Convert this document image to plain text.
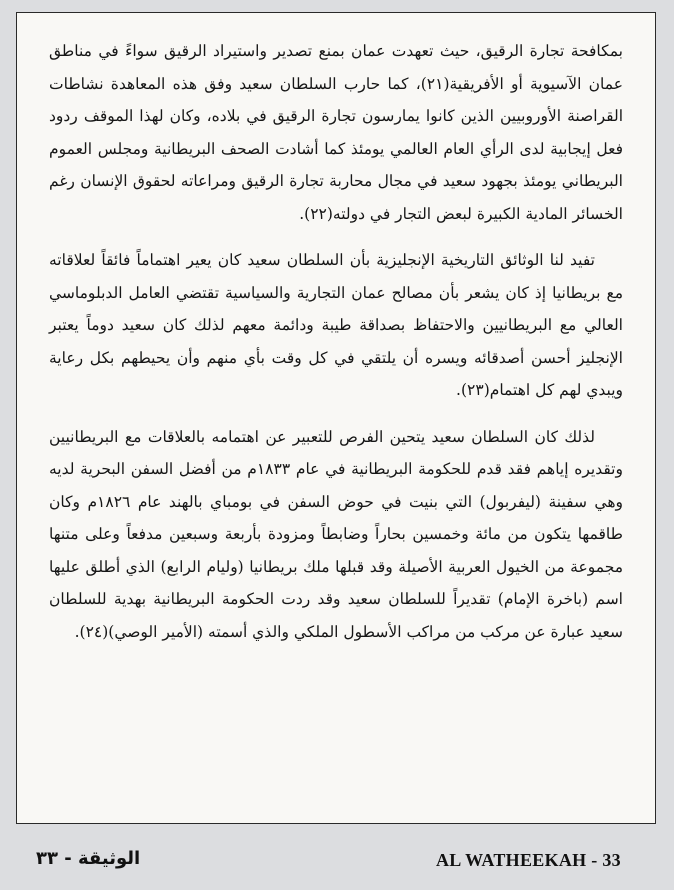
بمكافحة تجارة الرقيق، حيث تعهدت عمان بمنع تصدير واستيراد الرقيق سواءً في مناطق عمان الآسيوية أو الأفريقية(٢١)، كما حارب السلطان سعيد وفق هذه المعاهدة نشاطات القراصنة الأوروبيين الذين كانوا يمارسون تجارة الرقيق في بلاده، وكان لهذا الموقف ردود فعل إيجابية لدى الرأي العام العالمي يومئذ كما أشادت الصحف البريطانية ومجلس العموم البريطاني يومئذ بجهود سعيد في مجال محاربة تجارة الرقيق ومراعاته لحقوق الإنسان رغم الخسائر المادية الكبيرة لبعض التجار في دولته(٢٢).

تفيد لنا الوثائق التاريخية الإنجليزية بأن السلطان سعيد كان يعير اهتماماً فائقاً لعلاقاته مع بريطانيا إذ كان يشعر بأن مصالح عمان التجارية والسياسية تقتضي العامل الدبلوماسي العالي مع البريطانيين والاحتفاظ بصداقة طيبة ودائمة معهم لذلك كان سعيد دوماً يعتبر الإنجليز أحسن أصدقائه ويسره أن يلتقي في كل وقت بأي منهم وأن يحيطهم بكل رعاية ويبدي لهم كل اهتمام(٢٣).

لذلك كان السلطان سعيد يتحين الفرص للتعبير عن اهتمامه بالعلاقات مع البريطانيين وتقديره إياهم فقد قدم للحكومة البريطانية في عام ١٨٣٣م من أفضل السفن البحرية لديه وهي سفينة (ليفربول) التي بنيت في حوض السفن في بومباي بالهند عام ١٨٢٦م وكان طاقمها يتكون من مائة وخمسين بحاراً وضابطاً ومزودة بأربعة وسبعين مدفعاً وعلى متنها مجموعة من الخيول العربية الأصيلة وقد قبلها ملك بريطانيا (وليام الرابع) الذي أطلق عليها اسم (باخرة الإمام) تقديراً للسلطان سعيد وقد ردت الحكومة البريطانية بهدية للسلطان سعيد عبارة عن مركب من مراكب الأسطول الملكي والذي أسمته (الأمير الوصي)(٢٤).

الوثيقة - ٣٣	AL WATHEEKAH - 33
